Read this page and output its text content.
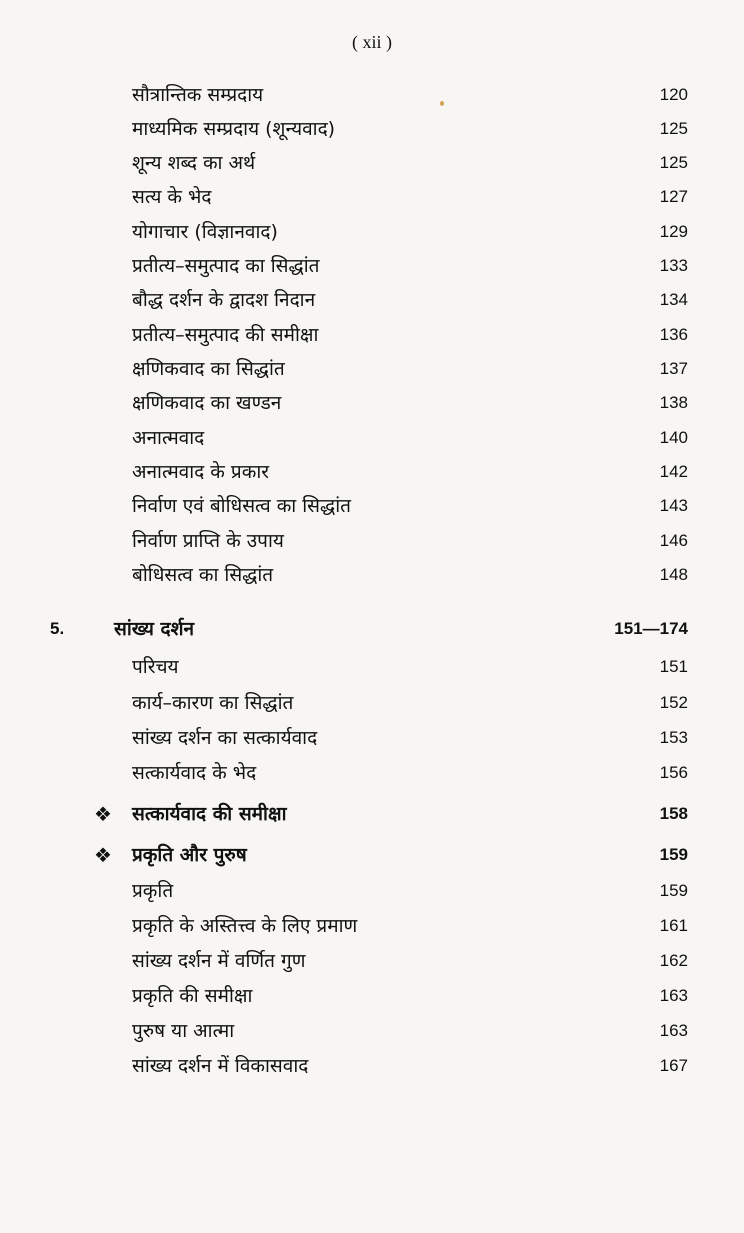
( xii )
सौत्रान्तिक सम्प्रदाय	120
माध्यमिक सम्प्रदाय (शून्यवाद)	125
शून्य शब्द का अर्थ	125
सत्य के भेद	127
योगाचार (विज्ञानवाद)	129
प्रतीत्य–समुत्पाद का सिद्धांत	133
बौद्ध दर्शन के द्वादश निदान	134
प्रतीत्य–समुत्पाद की समीक्षा	136
क्षणिकवाद का सिद्धांत	137
क्षणिकवाद का खण्डन	138
अनात्मवाद	140
अनात्मवाद के प्रकार	142
निर्वाण एवं बोधिसत्व का सिद्धांत	143
निर्वाण प्राप्ति के उपाय	146
बोधिसत्व का सिद्धांत	148
5.	सांख्य दर्शन	151—174
परिचय	151
कार्य–कारण का सिद्धांत	152
सांख्य दर्शन का सत्कार्यवाद	153
सत्कार्यवाद के भेद	156
❖ सत्कार्यवाद की समीक्षा	158
❖ प्रकृति और पुरुष	159
प्रकृति	159
प्रकृति के अस्तित्त्व के लिए प्रमाण	161
सांख्य दर्शन में वर्णित गुण	162
प्रकृति की समीक्षा	163
पुरुष या आत्मा	163
सांख्य दर्शन में विकासवाद	167
